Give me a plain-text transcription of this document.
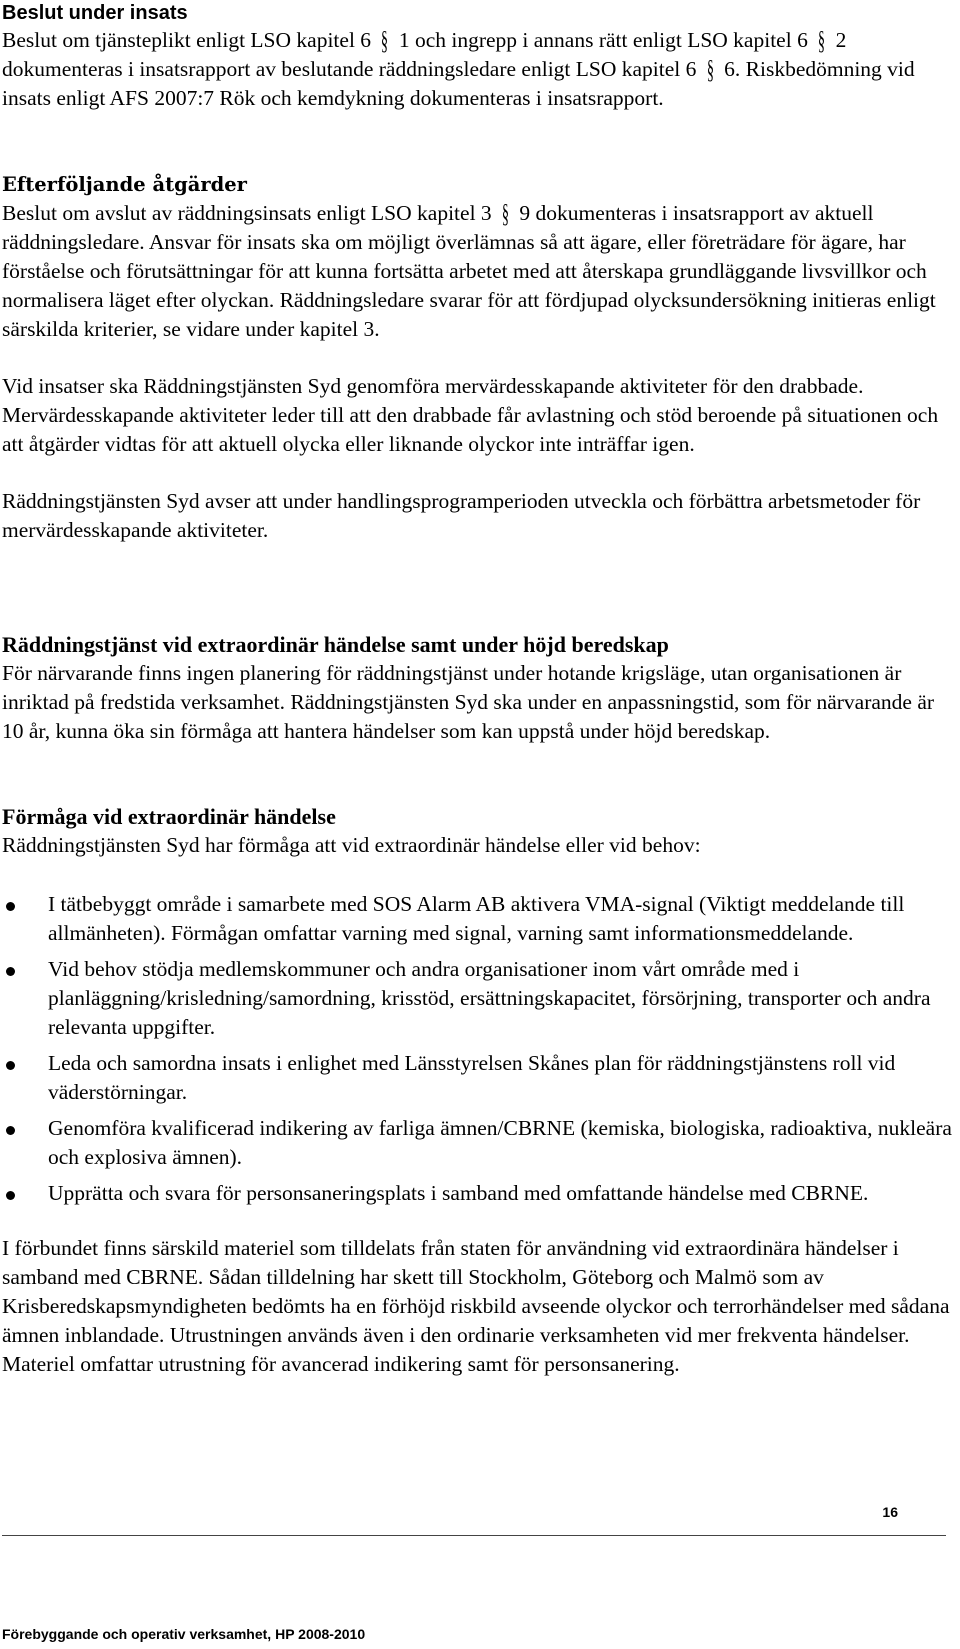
Beslut under insats

Beslut om tjänsteplikt enligt LSO kapitel 6 § 1 och ingrepp i annans rätt enligt LSO kapitel 6 § 2 dokumenteras i insatsrapport av beslutande räddningsledare enligt LSO kapitel 6 § 6. Riskbedömning vid insats enligt AFS 2007:7 Rök och kemdykning dokumenteras i insatsrapport.

Efterföljande åtgärder

Beslut om avslut av räddningsinsats enligt LSO kapitel 3 § 9 dokumenteras i insatsrapport av aktuell räddningsledare. Ansvar för insats ska om möjligt överlämnas så att ägare, eller företrädare för ägare, har förståelse och förutsättningar för att kunna fortsätta arbetet med att återskapa grundläggande livsvillkor och normalisera läget efter olyckan. Räddningsledare svarar för att fördjupad olycksundersökning initieras enligt särskilda kriterier, se vidare under kapitel 3.

Vid insatser ska Räddningstjänsten Syd genomföra mervärdesskapande aktiviteter för den drabbade. Mervärdesskapande aktiviteter leder till att den drabbade får avlastning och stöd beroende på situationen och att åtgärder vidtas för att aktuell olycka eller liknande olyckor inte inträffar igen.

Räddningstjänsten Syd avser att under handlingsprogramperioden utveckla och förbättra arbetsmetoder för mervärdesskapande aktiviteter.

Räddningstjänst vid extraordinär händelse samt under höjd beredskap

För närvarande finns ingen planering för räddningstjänst under hotande krigsläge, utan organisationen är inriktad på fredstida verksamhet. Räddningstjänsten Syd ska under en anpassningstid, som för närvarande är 10 år, kunna öka sin förmåga att hantera händelser som kan uppstå under höjd beredskap.

Förmåga vid extraordinär händelse

Räddningstjänsten Syd har förmåga att vid extraordinär händelse eller vid behov:

I tätbebyggt område i samarbete med SOS Alarm AB aktivera VMA-signal (Viktigt meddelande till allmänheten). Förmågan omfattar varning med signal, varning samt informationsmeddelande.
Vid behov stödja medlemskommuner och andra organisationer inom vårt område med i planläggning/krisledning/samordning, krisstöd, ersättningskapacitet, försörjning, transporter och andra relevanta uppgifter.
Leda och samordna insats i enlighet med Länsstyrelsen Skånes plan för räddningstjänstens roll vid väderstörningar.
Genomföra kvalificerad indikering av farliga ämnen/CBRNE (kemiska, biologiska, radioaktiva, nukleära och explosiva ämnen).
Upprätta och svara för personsaneringsplats i samband med omfattande händelse med CBRNE.

I förbundet finns särskild materiel som tilldelats från staten för användning vid extraordinära händelser i samband med CBRNE. Sådan tilldelning har skett till Stockholm, Göteborg och Malmö som av Krisberedskapsmyndigheten bedömts ha en förhöjd riskbild avseende olyckor och terrorhändelser med sådana ämnen inblandade. Utrustningen används även i den ordinarie verksamheten vid mer frekventa händelser. Materiel omfattar utrustning för avancerad indikering samt för personsanering.

16
Förebyggande och operativ verksamhet, HP 2008-2010
